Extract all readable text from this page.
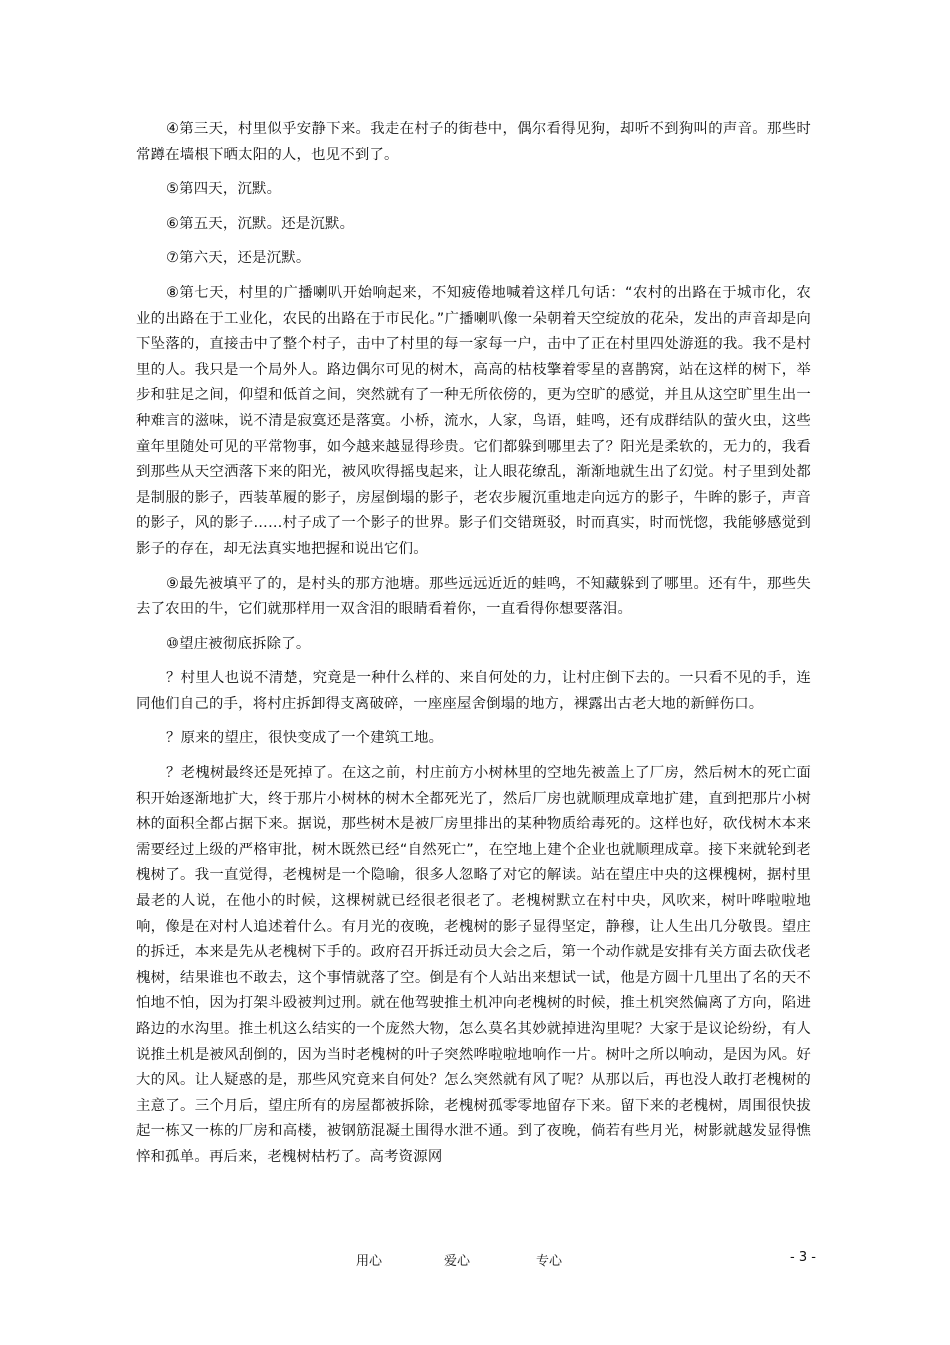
④第三天，村里似乎安静下来。我走在村子的街巷中，偶尔看得见狗，却听不到狗叫的声音。那些时常蹲在墙根下晒太阳的人，也见不到了。

⑤第四天，沉默。

⑥第五天，沉默。还是沉默。

⑦第六天，还是沉默。

⑧第七天，村里的广播喇叭开始响起来，不知疲倦地喊着这样几句话：“农村的出路在于城市化，农业的出路在于工业化，农民的出路在于市民化。”广播喇叭像一朵朝着天空绽放的花朵，发出的声音却是向下坠落的，直接击中了整个村子，击中了村里的每一家每一户，击中了正在村里四处游逛的我。我不是村里的人。我只是一个局外人。路边偶尔可见的树木，高高的枯枝擎着零星的喜鹊窝，站在这样的树下，举步和驻足之间，仰望和低首之间，突然就有了一种无所依傍的，更为空旷的感觉，并且从这空旷里生出一种难言的滋味，说不清是寂寞还是落寞。小桥，流水，人家，鸟语，蛙鸣，还有成群结队的萤火虫，这些童年里随处可见的平常物事，如今越来越显得珍贵。它们都躲到哪里去了？阳光是柔软的，无力的，我看到那些从天空洒落下来的阳光，被风吹得摇曳起来，让人眼花缭乱，渐渐地就生出了幻觉。村子里到处都是制服的影子，西装革履的影子，房屋倒塌的影子，老农步履沉重地走向远方的影子，牛眸的影子，声音的影子，风的影子……村子成了一个影子的世界。影子们交错斑驳，时而真实，时而恍惚，我能够感觉到影子的存在，却无法真实地把握和说出它们。

⑨最先被填平了的，是村头的那方池塘。那些远远近近的蛙鸣，不知藏躲到了哪里。还有牛，那些失去了农田的牛，它们就那样用一双含泪的眼睛看着你，一直看得你想要落泪。

⑩望庄被彻底拆除了。

？村里人也说不清楚，究竟是一种什么样的、来自何处的力，让村庄倒下去的。一只看不见的手，连同他们自己的手，将村庄拆卸得支离破碎，一座座屋舍倒塌的地方，裸露出古老大地的新鲜伤口。

？原来的望庄，很快变成了一个建筑工地。

？老槐树最终还是死掉了。在这之前，村庄前方小树林里的空地先被盖上了厂房，然后树木的死亡面积开始逐渐地扩大，终于那片小树林的树木全都死光了，然后厂房也就顺理成章地扩建，直到把那片小树林的面积全都占据下来。据说，那些树木是被厂房里排出的某种物质给毒死的。这样也好，砍伐树木本来需要经过上级的严格审批，树木既然已经“自然死亡”，在空地上建个企业也就顺理成章。接下来就轮到老槐树了。我一直觉得，老槐树是一个隐喻，很多人忽略了对它的解读。站在望庄中央的这棵槐树，据村里最老的人说，在他小的时候，这棵树就已经很老很老了。老槐树默立在村中央，风吹来，树叶哗啦啦地响，像是在对村人追述着什么。有月光的夜晚，老槐树的影子显得坚定，静穆，让人生出几分敬畏。望庄的拆迁，本来是先从老槐树下手的。政府召开拆迁动员大会之后，第一个动作就是安排有关方面去砍伐老槐树，结果谁也不敢去，这个事情就落了空。倒是有个人站出来想试一试，他是方圆十几里出了名的天不怕地不怕，因为打架斗殴被判过刑。就在他驾驶推土机冲向老槐树的时候，推土机突然偏离了方向，陷进路边的水沟里。推土机这么结实的一个庞然大物，怎么莫名其妙就掉进沟里呢？大家于是议论纷纷，有人说推土机是被风刮倒的，因为当时老槐树的叶子突然哗啦啦地响作一片。树叶之所以响动，是因为风。好大的风。让人疑惑的是，那些风究竟来自何处？怎么突然就有风了呢？从那以后，再也没人敢打老槐树的主意了。三个月后，望庄所有的房屋都被拆除，老槐树孤零零地留存下来。留下来的老槐树，周围很快拔起一栋又一栋的厂房和高楼，被钢筋混凝土围得水泄不通。到了夜晚，倘若有些月光，树影就越发显得憔悴和孤单。再后来，老槐树枯朽了。高考资源网

用心	爱心	专心	- 3 -
